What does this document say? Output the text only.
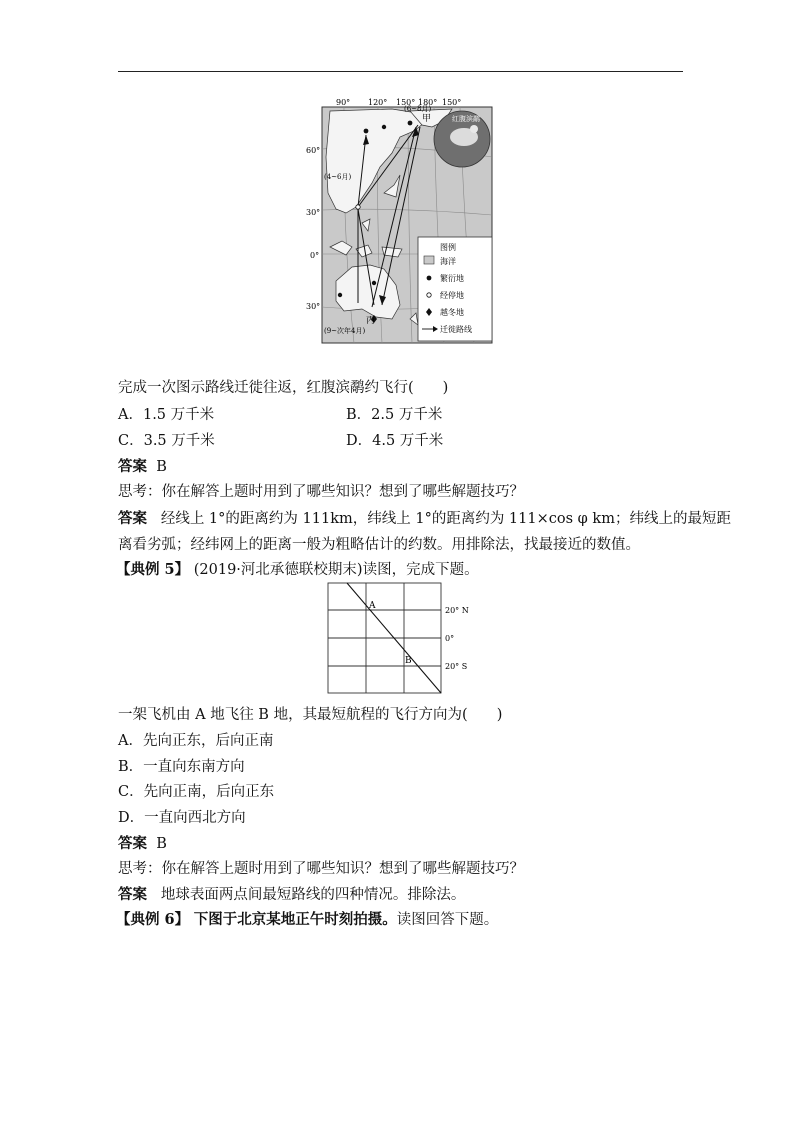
红腹滨鹬
90° 120° 150° 180° 150°
60°
30°
0°
30°
甲
(6~8月)
(4~6月)
丙
(9~次年4月)
图例
海洋
繁衍地
经停地
越冬地
迁徙路线
完成一次图示路线迁徙往返，红腹滨鹬约飞行(　　)
A．1.5 万千米	B．2.5 万千米
C．3.5 万千米	D．4.5 万千米
答案 B
思考：你在解答上题时用到了哪些知识？想到了哪些解题技巧？
答案 经线上 1°的距离约为 111km，纬线上 1°的距离约为 111×cos φ km；纬线上的最短距
离看劣弧；经纬网上的距离一般为粗略估计的约数。用排除法，找最接近的数值。
【典例 5】 (2019·河北承德联校期末)读图，完成下题。
A
B
20° N
0°
20° S
一架飞机由 A 地飞往 B 地，其最短航程的飞行方向为(　　)
A．先向正东，后向正南
B．一直向东南方向
C．先向正南，后向正东
D．一直向西北方向
答案 B
思考：你在解答上题时用到了哪些知识？想到了哪些解题技巧？
答案 地球表面两点间最短路线的四种情况。排除法。
【典例 6】 下图于北京某地正午时刻拍摄。读图回答下题。
